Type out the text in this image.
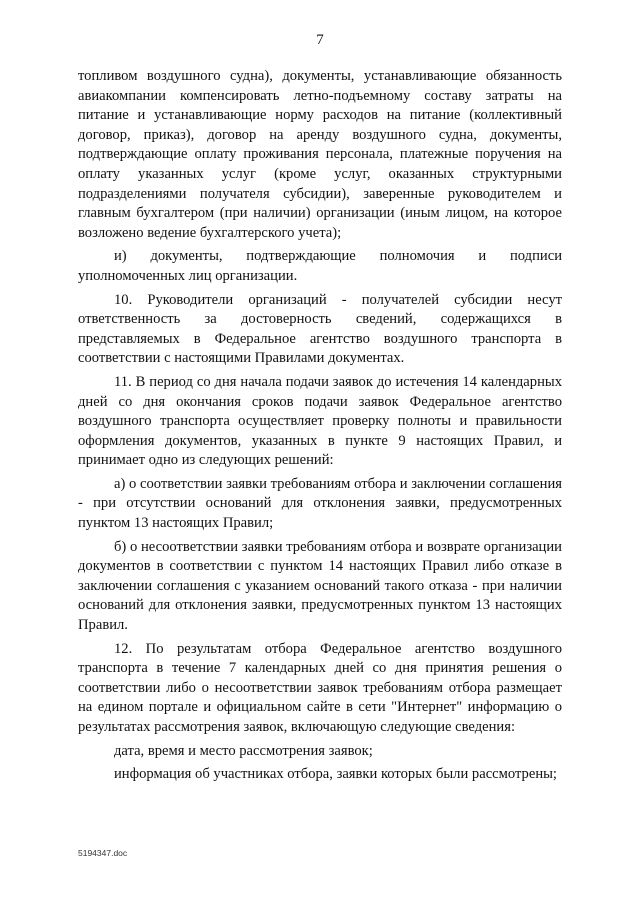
7

топливом воздушного судна), документы, устанавливающие обязанность авиакомпании компенсировать летно-подъемному составу затраты на питание и устанавливающие норму расходов на питание (коллективный договор, приказ), договор на аренду воздушного судна, документы, подтверждающие оплату проживания персонала, платежные поручения на оплату указанных услуг (кроме услуг, оказанных структурными подразделениями получателя субсидии), заверенные руководителем и главным бухгалтером (при наличии) организации (иным лицом, на которое возложено ведение бухгалтерского учета);

и) документы, подтверждающие полномочия и подписи уполномоченных лиц организации.

10. Руководители организаций - получателей субсидии несут ответственность за достоверность сведений, содержащихся в представляемых в Федеральное агентство воздушного транспорта в соответствии с настоящими Правилами документах.

11. В период со дня начала подачи заявок до истечения 14 календарных дней со дня окончания сроков подачи заявок Федеральное агентство воздушного транспорта осуществляет проверку полноты и правильности оформления документов, указанных в пункте 9 настоящих Правил, и принимает одно из следующих решений:

а) о соответствии заявки требованиям отбора и заключении соглашения - при отсутствии оснований для отклонения заявки, предусмотренных пунктом 13 настоящих Правил;

б) о несоответствии заявки требованиям отбора и возврате организации документов в соответствии с пунктом 14 настоящих Правил либо отказе в заключении соглашения с указанием оснований такого отказа - при наличии оснований для отклонения заявки, предусмотренных пунктом 13 настоящих Правил.

12. По результатам отбора Федеральное агентство воздушного транспорта в течение 7 календарных дней со дня принятия решения о соответствии либо о несоответствии заявок требованиям отбора размещает на едином портале и официальном сайте в сети "Интернет" информацию о результатах рассмотрения заявок, включающую следующие сведения:

дата, время и место рассмотрения заявок;

информация об участниках отбора, заявки которых были рассмотрены;

5194347.doc
